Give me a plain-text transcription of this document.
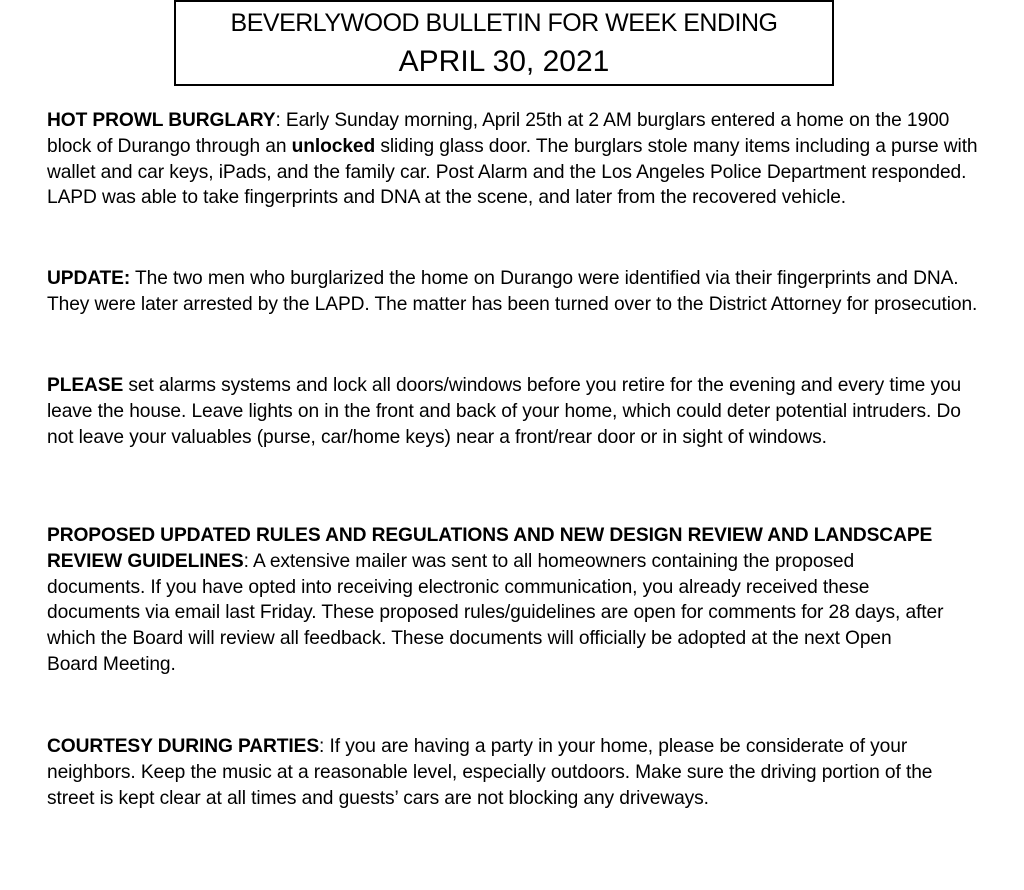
BEVERLYWOOD BULLETIN FOR WEEK ENDING
APRIL 30, 2021

HOT PROWL BURGLARY: Early Sunday morning, April 25th at 2 AM burglars entered a home on the 1900 block of Durango through an unlocked sliding glass door. The burglars stole many items including a purse with wallet and car keys, iPads, and the family car. Post Alarm and the Los Angeles Police Department responded. LAPD was able to take fingerprints and DNA at the scene, and later from the recovered vehicle.

UPDATE: The two men who burglarized the home on Durango were identified via their fingerprints and DNA. They were later arrested by the LAPD. The matter has been turned over to the District Attorney for prosecution.

PLEASE set alarms systems and lock all doors/windows before you retire for the evening and every time you leave the house. Leave lights on in the front and back of your home, which could deter potential intruders. Do not leave your valuables (purse, car/home keys) near a front/rear door or in sight of windows.

PROPOSED UPDATED RULES AND REGULATIONS AND NEW DESIGN REVIEW AND LANDSCAPE REVIEW GUIDELINES: A extensive mailer was sent to all homeowners containing the proposed documents. If you have opted into receiving electronic communication, you already received these documents via email last Friday. These proposed rules/guidelines are open for comments for 28 days, after which the Board will review all feedback. These documents will officially be adopted at the next Open Board Meeting.

COURTESY DURING PARTIES: If you are having a party in your home, please be considerate of your neighbors. Keep the music at a reasonable level, especially outdoors. Make sure the driving portion of the street is kept clear at all times and guests’ cars are not blocking any driveways.
